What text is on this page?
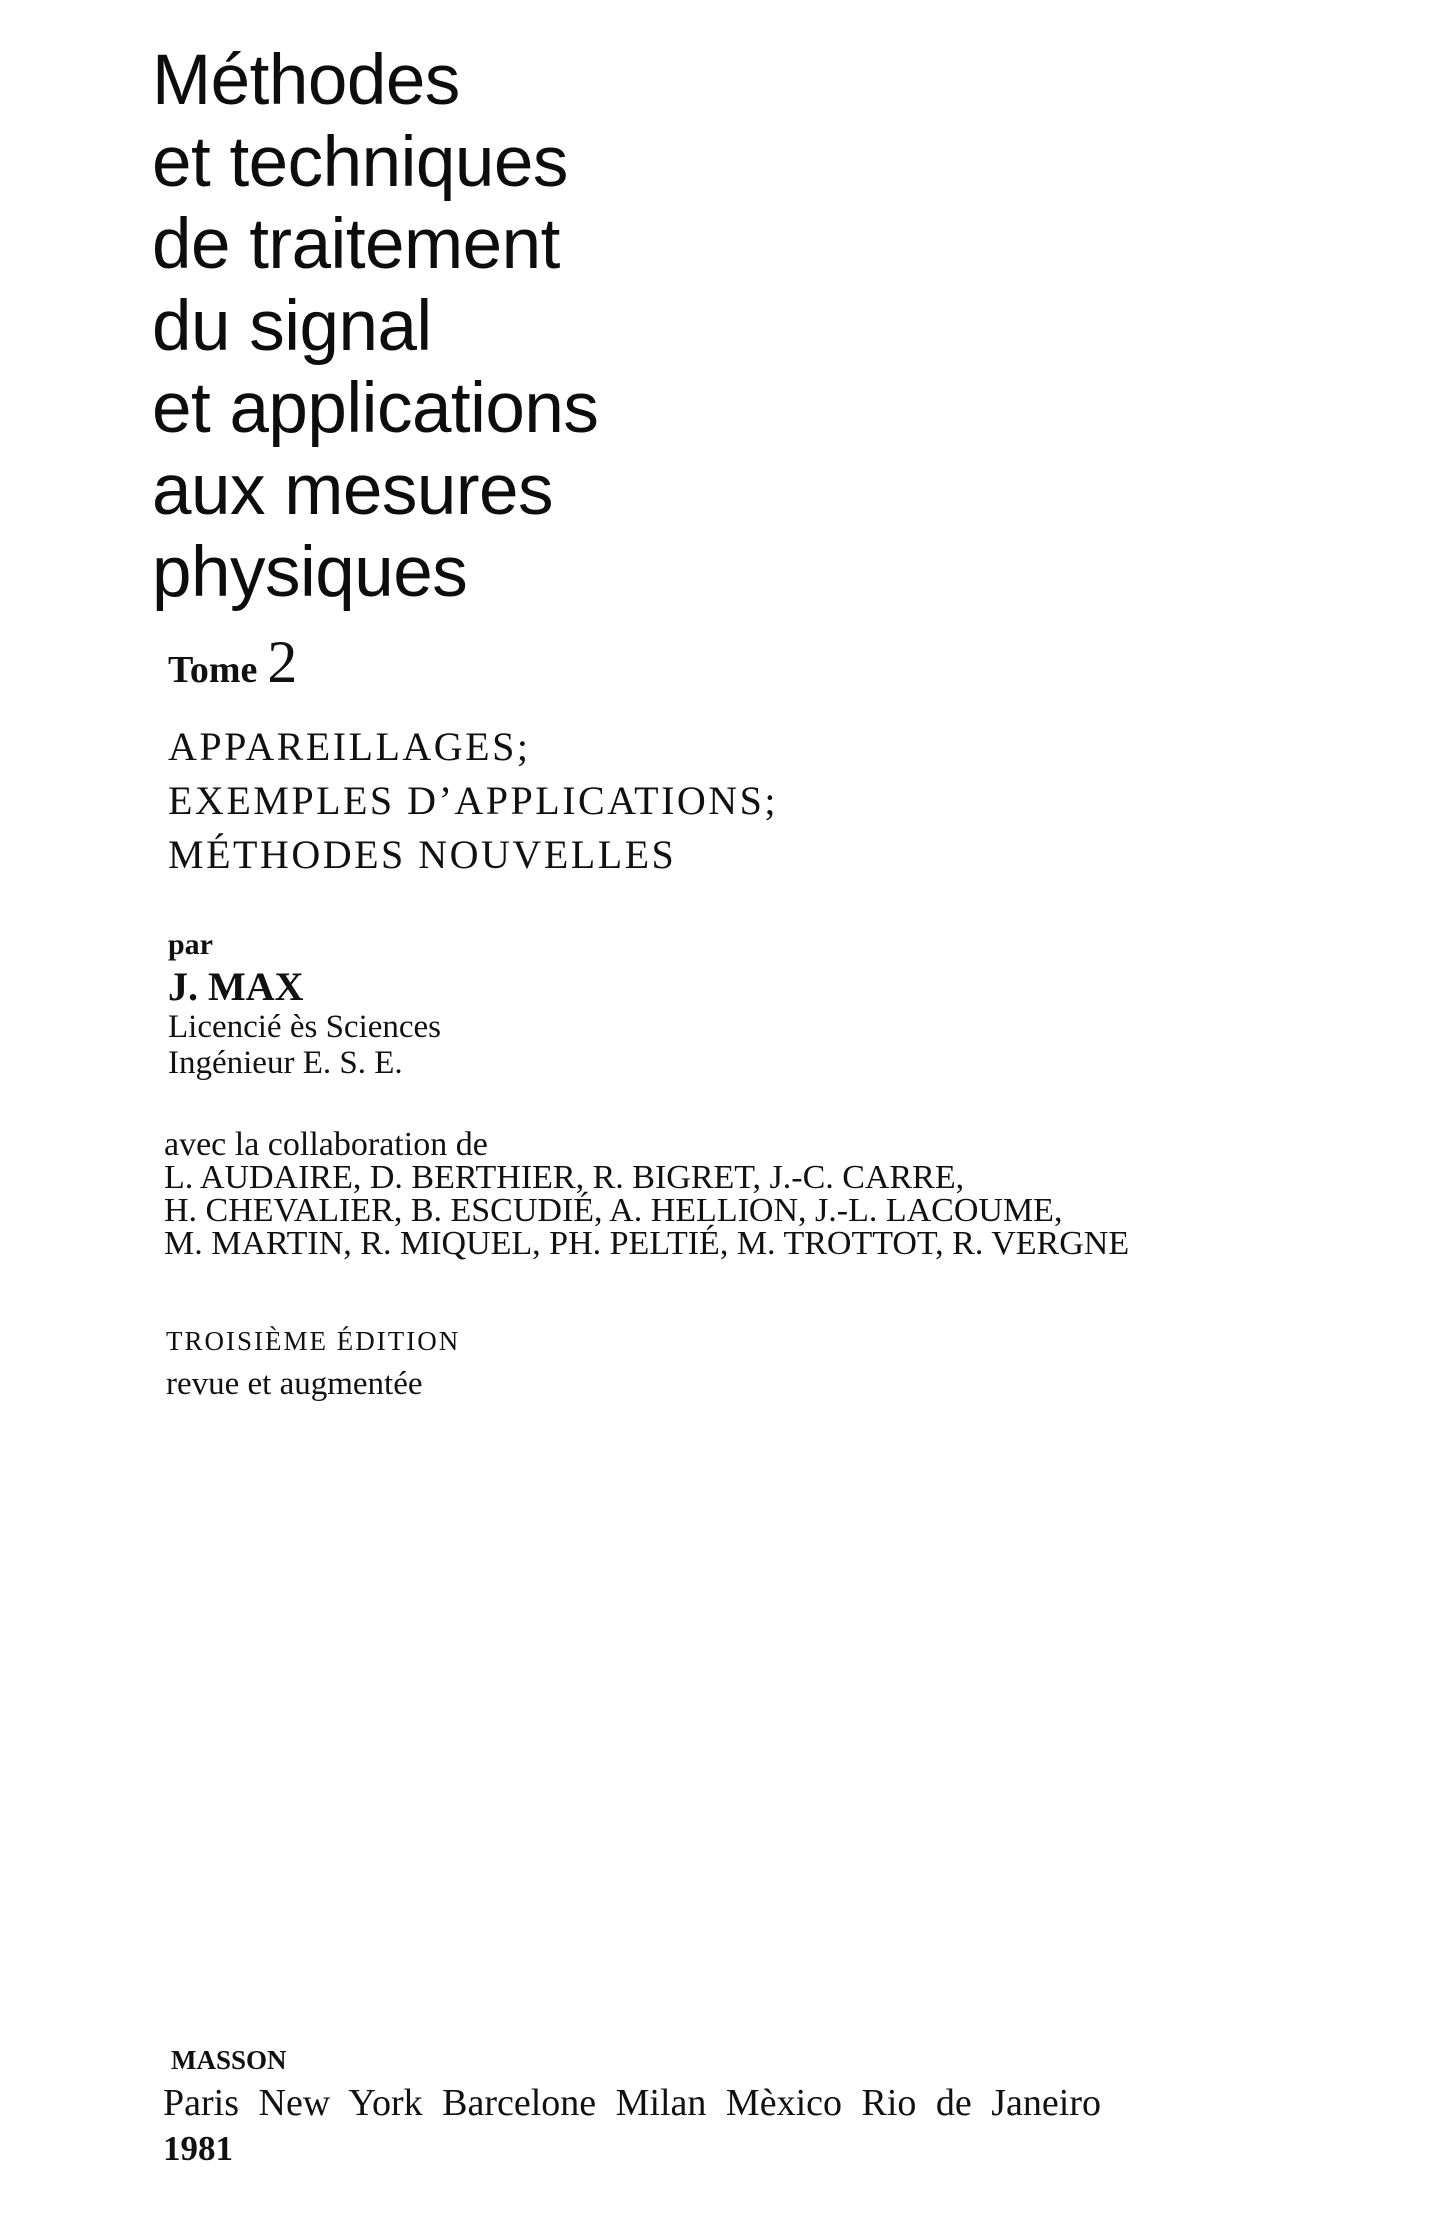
Méthodes
et techniques
de traitement
du signal
et applications
aux mesures
physiques
Tome 2
APPAREILLAGES;
EXEMPLES D’APPLICATIONS;
MÉTHODES NOUVELLES
par
J. MAX
Licencié ès Sciences
Ingénieur E. S. E.
avec la collaboration de
L. AUDAIRE, D. BERTHIER, R. BIGRET, J.-C. CARRE,
H. CHEVALIER, B. ESCUDIÉ, A. HELLION, J.-L. LACOUME,
M. MARTIN, R. MIQUEL, PH. PELTIÉ, M. TROTTOT, R. VERGNE
TROISIÈME ÉDITION
revue et augmentée
MASSON
Paris New York Barcelone Milan Mèxico Rio de Janeiro
1981
